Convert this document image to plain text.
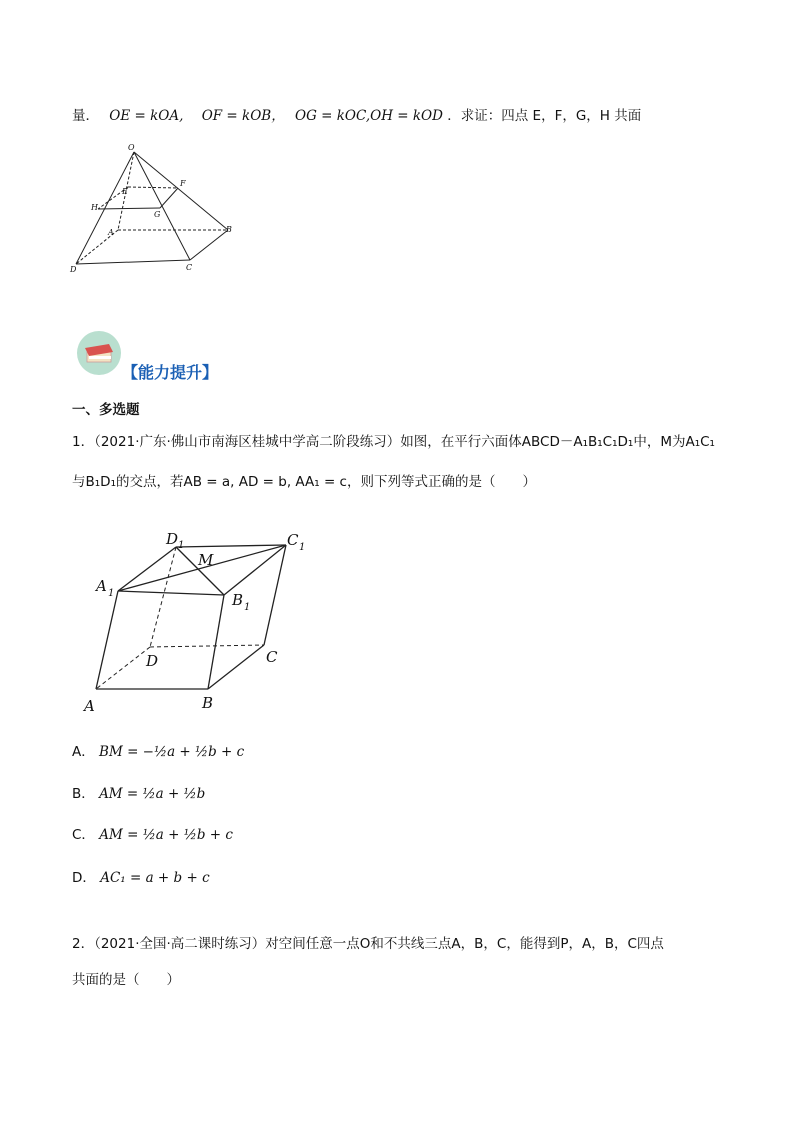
量． OE = kOA, OF = kOB， OG = kOC,OH = kOD ．求证：四点 E，F，G，H 共面
O
E
F
H
G
A	B
D	C
【能力提升】
一、多选题
1．（2021·广东·佛山市南海区桂城中学高二阶段练习）如图，在平行六面体ABCD－A₁B₁C₁D₁中，M为A₁C₁
与B₁D₁的交点，若AB = a, AD = b, AA₁ = c，则下列等式正确的是（　　）
D 1	C 1
M
A 1	B 1
D	C
A	B
A． BM = −½a + ½b + c
B． AM = ½a + ½b
C． AM = ½a + ½b + c
D． AC₁ = a + b + c
2．（2021·全国·高二课时练习）对空间任意一点O和不共线三点A，B，C，能得到P，A，B，C四点
共面的是（　　）
